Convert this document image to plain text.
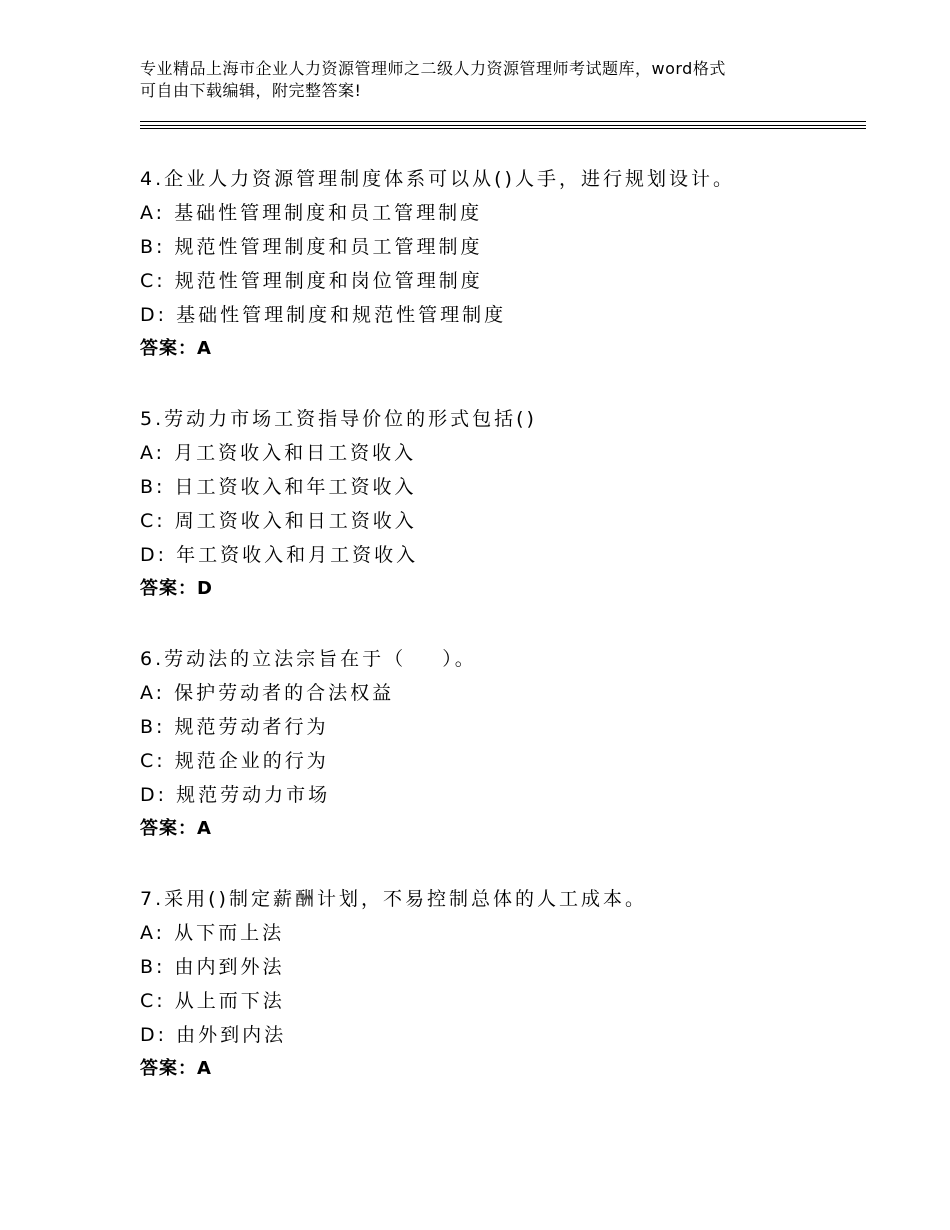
专业精品上海市企业人力资源管理师之二级人力资源管理师考试题库，word格式
可自由下载编辑，附完整答案!
4.企业人力资源管理制度体系可以从()人手，进行规划设计。
A: 基础性管理制度和员工管理制度
B: 规范性管理制度和员工管理制度
C: 规范性管理制度和岗位管理制度
D: 基础性管理制度和规范性管理制度
答案：A
5.劳动力市场工资指导价位的形式包括()
A: 月工资收入和日工资收入
B: 日工资收入和年工资收入
C: 周工资收入和日工资收入
D: 年工资收入和月工资收入
答案：D
6.劳动法的立法宗旨在于（    ）。
A: 保护劳动者的合法权益
B: 规范劳动者行为
C: 规范企业的行为
D: 规范劳动力市场
答案：A
7.采用()制定薪酬计划，不易控制总体的人工成本。
A: 从下而上法
B: 由内到外法
C: 从上而下法
D: 由外到内法
答案：A
